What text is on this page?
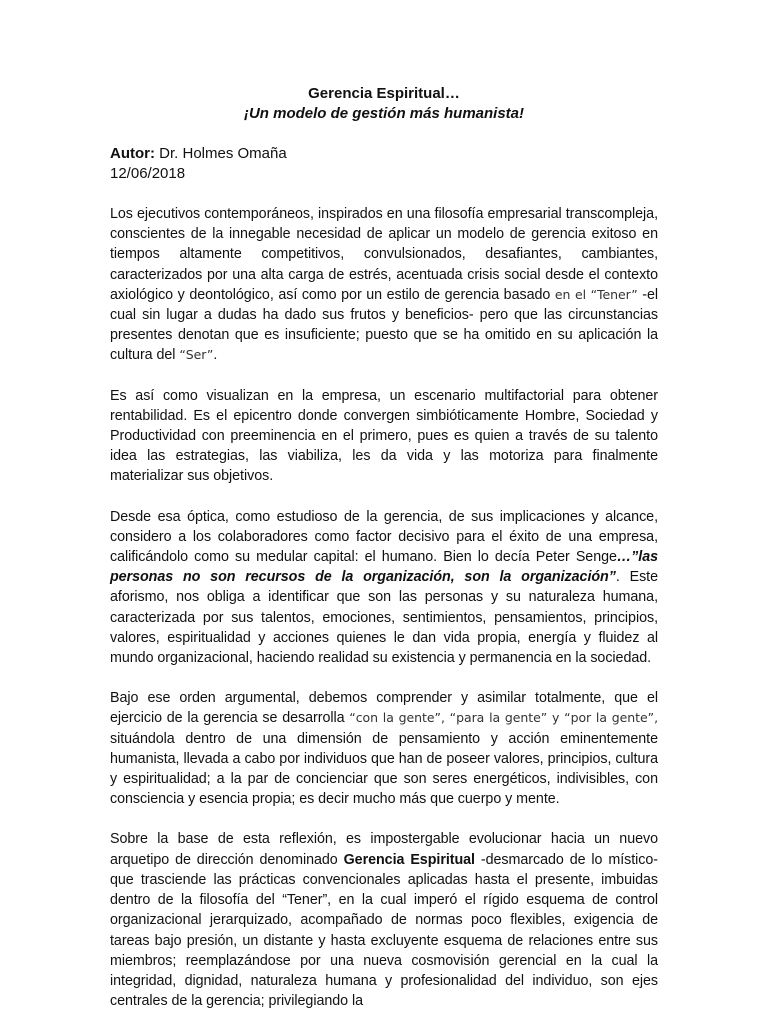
Gerencia Espiritual…

¡Un modelo de gestión más humanista!

Autor: Dr. Holmes Omaña

12/06/2018

Los ejecutivos contemporáneos, inspirados en una filosofía empresarial transcompleja, conscientes de la innegable necesidad de aplicar un modelo de gerencia exitoso en tiempos altamente competitivos, convulsionados, desafiantes, cambiantes, caracterizados por una alta carga de estrés, acentuada crisis social desde el contexto axiológico y deontológico, así como por un estilo de gerencia basado en el “Tener” -el cual sin lugar a dudas ha dado sus frutos y beneficios- pero que las circunstancias presentes denotan que es insuficiente; puesto que se ha omitido en su aplicación la cultura del “Ser”.

Es así como visualizan en la empresa, un escenario multifactorial para obtener rentabilidad. Es el epicentro donde convergen simbióticamente Hombre, Sociedad y Productividad con preeminencia en el primero, pues es quien a través de su talento idea las estrategias, las viabiliza, les da vida y las motoriza para finalmente materializar sus objetivos.

Desde esa óptica, como estudioso de la gerencia, de sus implicaciones y alcance, considero a los colaboradores como factor decisivo para el éxito de una empresa, calificándolo como su medular capital: el humano. Bien lo decía Peter Senge…”las personas no son recursos de la organización, son la organización”. Este aforismo, nos obliga a identificar que son las personas y su naturaleza humana, caracterizada por sus talentos, emociones, sentimientos, pensamientos, principios, valores, espiritualidad y acciones quienes le dan vida propia, energía y fluidez al mundo organizacional, haciendo realidad su existencia y permanencia en la sociedad.

Bajo ese orden argumental, debemos comprender y asimilar totalmente, que el ejercicio de la gerencia se desarrolla “con la gente”, “para la gente” y “por la gente”, situándola dentro de una dimensión de pensamiento y acción eminentemente humanista, llevada a cabo por individuos que han de poseer valores, principios, cultura y espiritualidad; a la par de concienciar que son seres energéticos, indivisibles, con consciencia y esencia propia; es decir mucho más que cuerpo y mente.

Sobre la base de esta reflexión, es impostergable evolucionar hacia un nuevo arquetipo de dirección denominado Gerencia Espiritual -desmarcado de lo místico- que trasciende las prácticas convencionales aplicadas hasta el presente, imbuidas dentro de la filosofía del “Tener”, en la cual imperó el rígido esquema de control organizacional jerarquizado, acompañado de normas poco flexibles, exigencia de tareas bajo presión, un distante y hasta excluyente esquema de relaciones entre sus miembros; reemplazándose por una nueva cosmovisión gerencial en la cual la integridad, dignidad, naturaleza humana y profesionalidad del individuo, son ejes centrales de la gerencia; privilegiando la
